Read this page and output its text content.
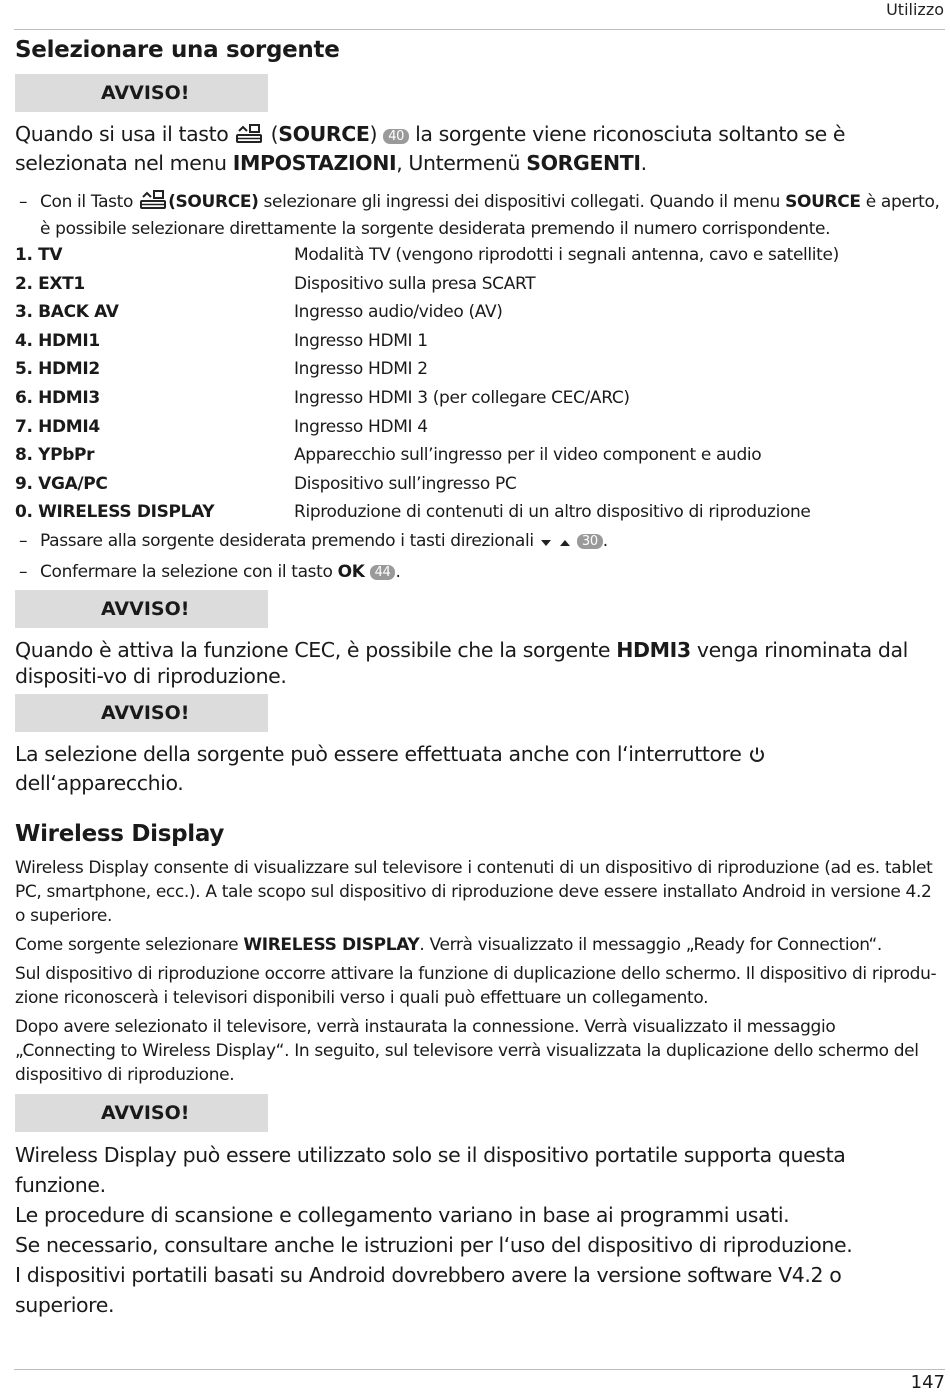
Utilizzo
Selezionare una sorgente
AVVISO!

Quando si usa il tasto  (SOURCE) 40 la sorgente viene riconosciuta soltanto se è selezionata nel menu IMPOSTAZIONI, Untermenü SORGENTI.

– Con il Tasto (SOURCE) selezionare gli ingressi dei dispositivi collegati. Quando il menu SOURCE è aperto, è possibile selezionare direttamente la sorgente desiderata premendo il numero corrispondente.
1. TV	Modalità TV (vengono riprodotti i segnali antenna, cavo e satellite)
2. EXT1	Dispositivo sulla presa SCART
3. BACK AV	Ingresso audio/video (AV)
4. HDMI1	Ingresso HDMI 1
5. HDMI2	Ingresso HDMI 2
6. HDMI3	Ingresso HDMI 3 (per collegare CEC/ARC)
7. HDMI4	Ingresso HDMI 4
8. YPbPr	Apparecchio sull’ingresso per il video component e audio
9. VGA/PC	Dispositivo sull’ingresso PC
0. WIRELESS DISPLAY	Riproduzione di contenuti di un altro dispositivo di riproduzione
– Passare alla sorgente desiderata premendo i tasti direzionali	30 .
– Confermare la selezione con il tasto OK 44 .
AVVISO!

Quando è attiva la funzione CEC, è possibile che la sorgente HDMI3 venga rinominata dal dispositi-vo di riproduzione.

AVVISO!

La selezione della sorgente può essere effettuata anche con l‘interruttore  dell‘apparecchio.

Wireless Display

Wireless Display consente di visualizzare sul televisore i contenuti di un dispositivo di riproduzione (ad es. tablet PC, smartphone, ecc.). A tale scopo sul dispositivo di riproduzione deve essere installato Android in versione 4.2 o superiore.

Come sorgente selezionare WIRELESS DISPLAY. Verrà visualizzato il messaggio „Ready for Connection“.

Sul dispositivo di riproduzione occorre attivare la funzione di duplicazione dello schermo. Il dispositivo di riprodu-zione riconoscerà i televisori disponibili verso i quali può effettuare un collegamento.

Dopo avere selezionato il televisore, verrà instaurata la connessione. Verrà visualizzato il messaggio „Connecting to Wireless Display“. In seguito, sul televisore verrà visualizzata la duplicazione dello schermo del dispositivo di riproduzione.

AVVISO!

Wireless Display può essere utilizzato solo se il dispositivo portatile supporta questa funzione.

Le procedure di scansione e collegamento variano in base ai programmi usati.

Se necessario, consultare anche le istruzioni per l‘uso del dispositivo di riproduzione.

I dispositivi portatili basati su Android dovrebbero avere la versione software V4.2 o superiore.

147
